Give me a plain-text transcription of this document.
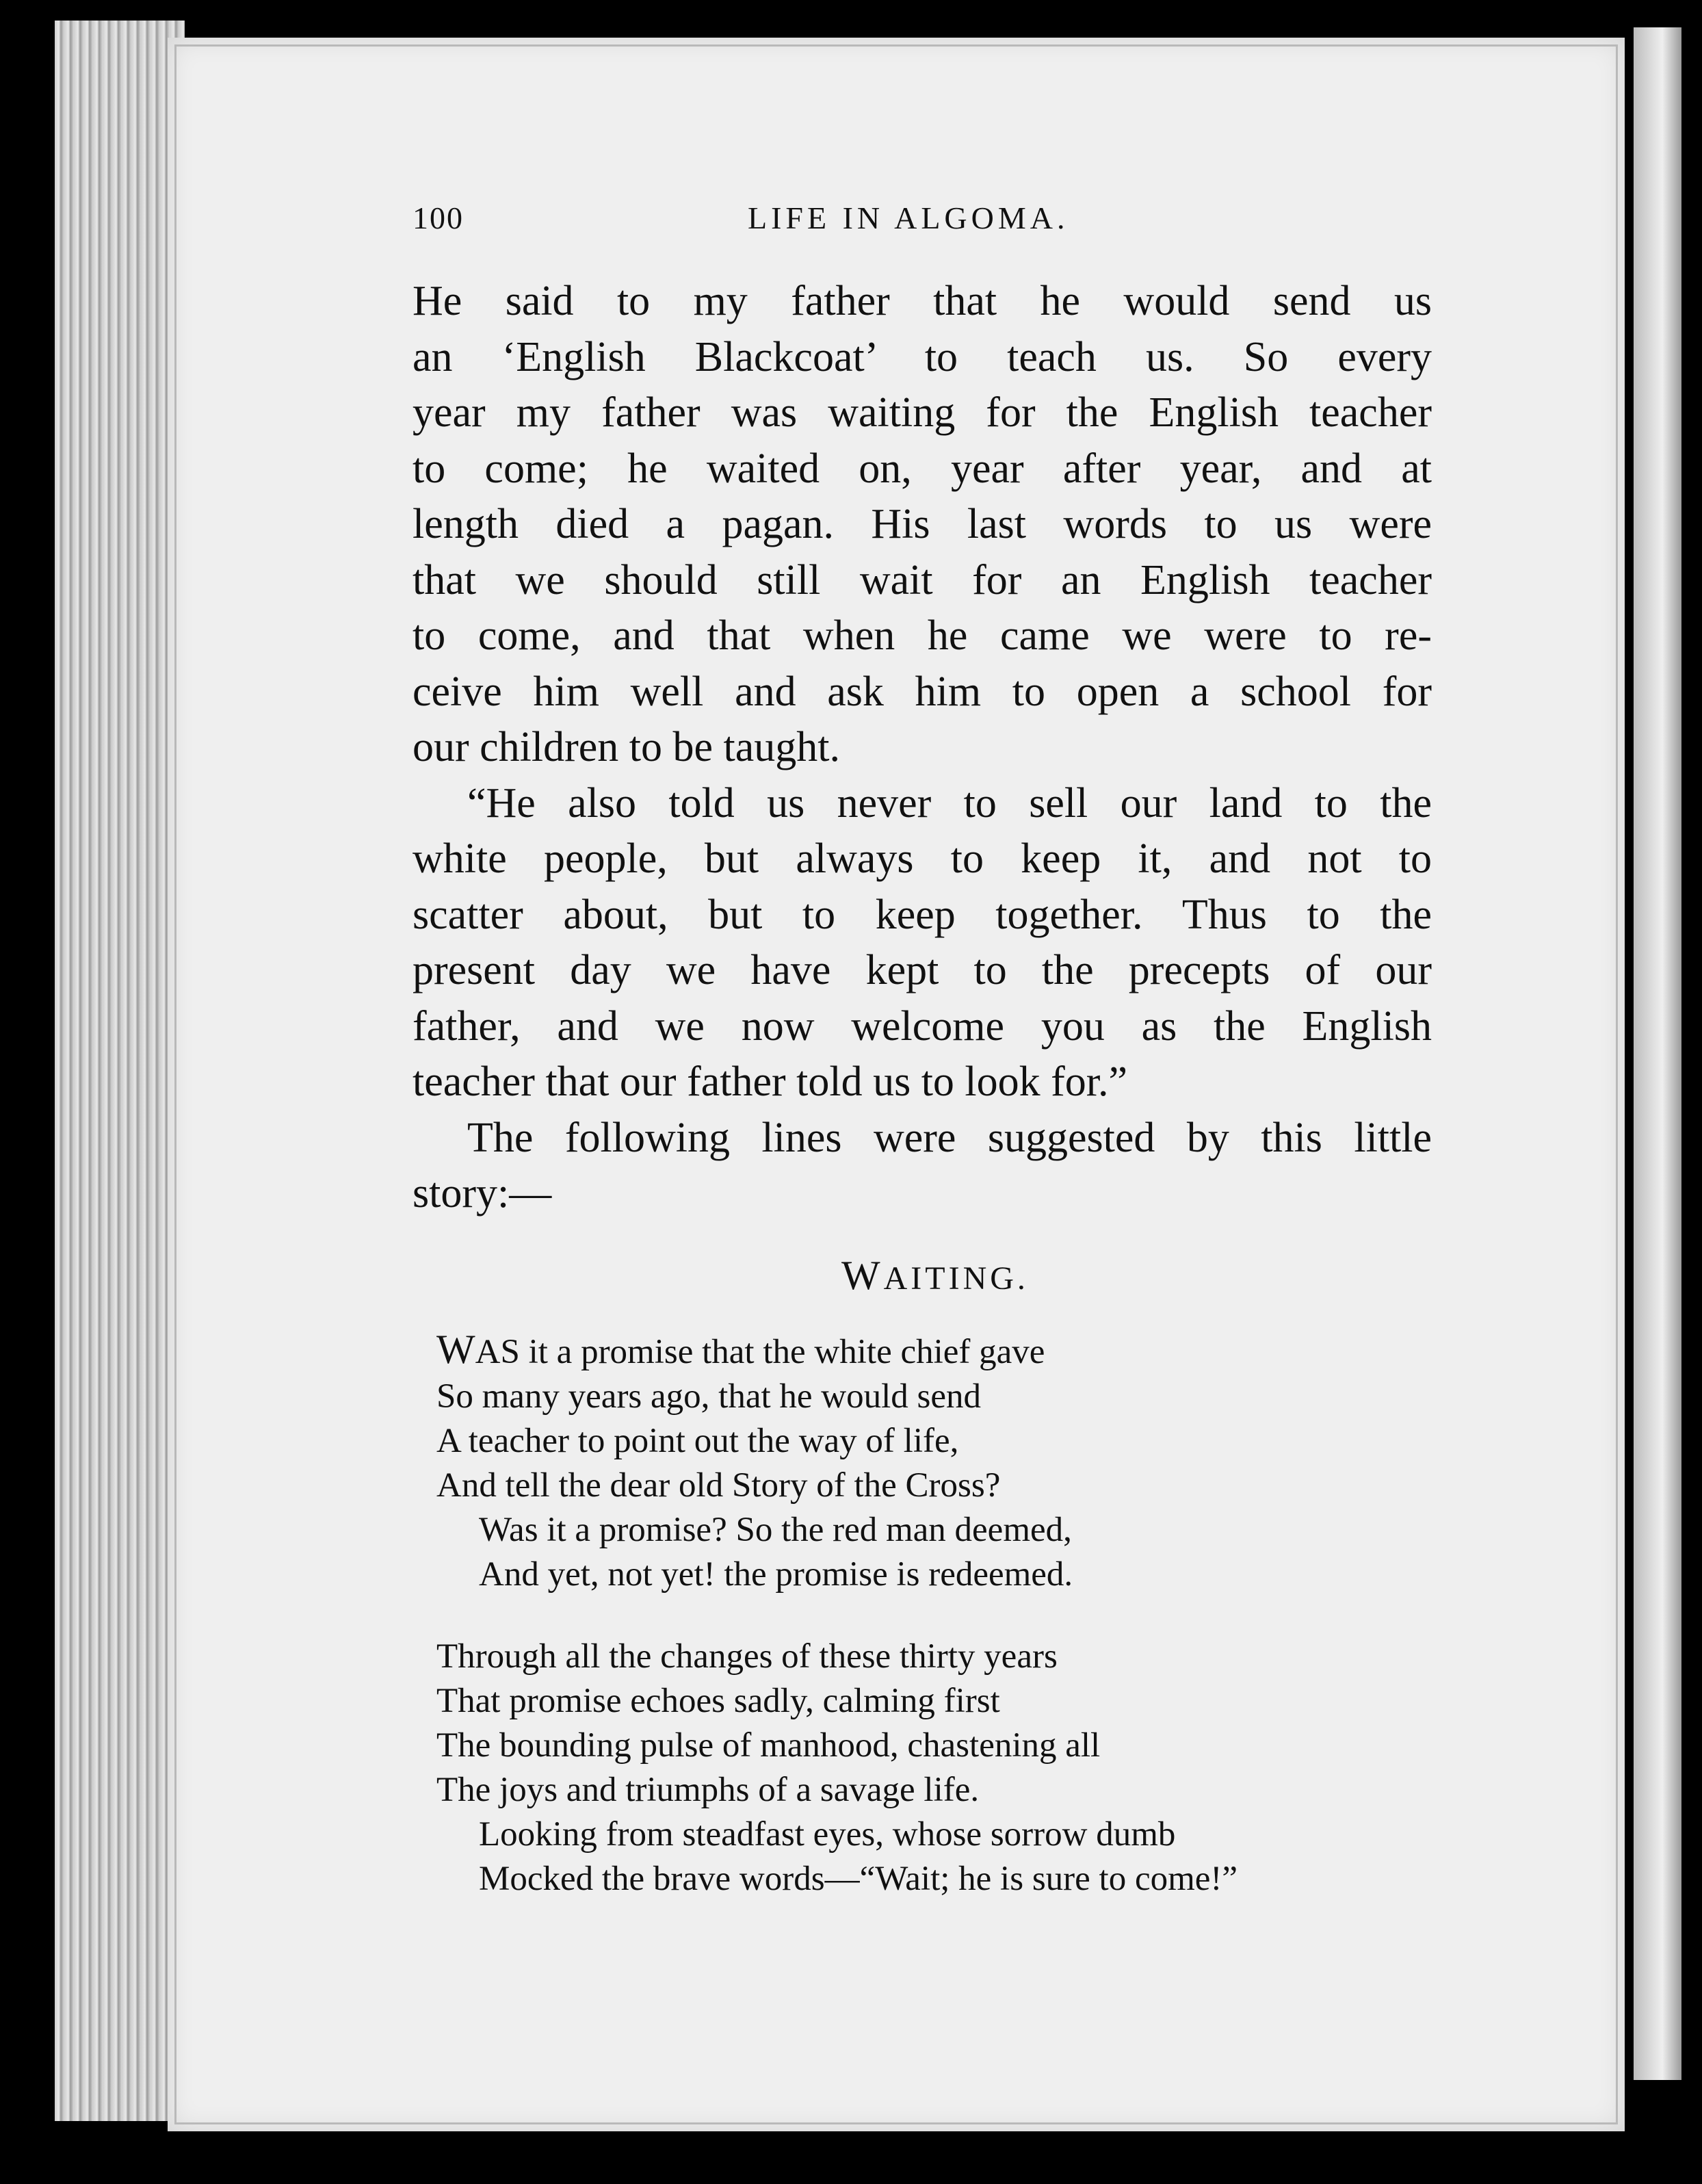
100	LIFE IN ALGOMA.

He said to my father that he would send us
an ‘English Blackcoat’ to teach us. So every
year my father was waiting for the English teacher
to come; he waited on, year after year, and at
length died a pagan. His last words to us were
that we should still wait for an English teacher
to come, and that when he came we were to re-
ceive him well and ask him to open a school for
our children to be taught.

“He also told us never to sell our land to the
white people, but always to keep it, and not to
scatter about, but to keep together. Thus to the
present day we have kept to the precepts of our
father, and we now welcome you as the English
teacher that our father told us to look for.”

The following lines were suggested by this little
story:—

WAITING.
WAS it a promise that the white chief gave
So many years ago, that he would send
A teacher to point out the way of life,
And tell the dear old Story of the Cross?
Was it a promise? So the red man deemed,
And yet, not yet! the promise is redeemed.
Through all the changes of these thirty years
That promise echoes sadly, calming first
The bounding pulse of manhood, chastening all
The joys and triumphs of a savage life.
Looking from steadfast eyes, whose sorrow dumb
Mocked the brave words—“Wait; he is sure to come!”
